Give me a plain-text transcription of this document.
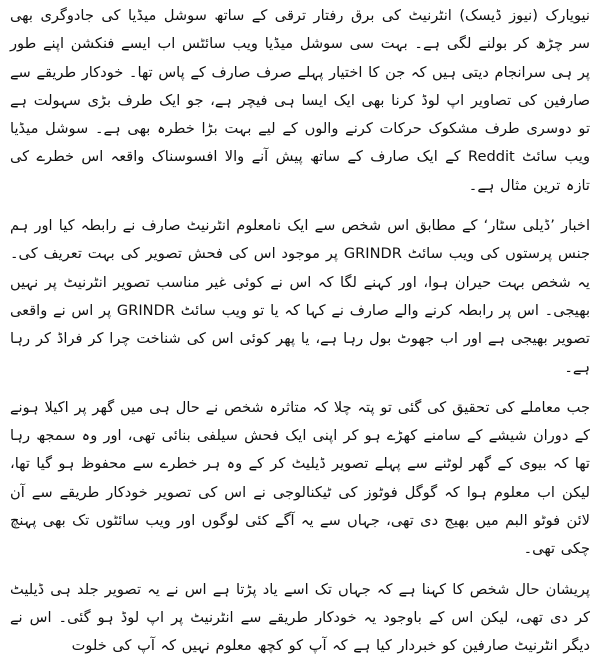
نیویارک (نیوز ڈیسک) انٹرنیٹ کی برق رفتار ترقی کے ساتھ سوشل میڈیا کی جادوگری بھی سر چڑھ کر بولنے لگی ہے۔ بہت سی سوشل میڈیا ویب سائٹس اب ایسے فنکشن اپنے طور پر ہی سرانجام دیتی ہیں کہ جن کا اختیار پہلے صرف صارف کے پاس تھا۔ خودکار طریقے سے صارفین کی تصاویر اپ لوڈ کرنا بھی ایک ایسا ہی فیچر ہے، جو ایک طرف بڑی سہولت ہے تو دوسری طرف مشکوک حرکات کرنے والوں کے لیے بہت بڑا خطرہ بھی ہے۔ سوشل میڈیا ویب سائٹ Reddit کے ایک صارف کے ساتھ پیش آنے والا افسوسناک واقعہ اس خطرے کی تازہ ترین مثال ہے۔

اخبار ’ڈیلی سٹار‘ کے مطابق اس شخص سے ایک نامعلوم انٹرنیٹ صارف نے رابطہ کیا اور ہم جنس پرستوں کی ویب سائٹ GRINDR پر موجود اس کی فحش تصویر کی بہت تعریف کی۔ یہ شخص بہت حیران ہوا، اور کہنے لگا کہ اس نے کوئی غیر مناسب تصویر انٹرنیٹ پر نہیں بھیجی۔ اس پر رابطہ کرنے والے صارف نے کہا کہ یا تو ویب سائٹ GRINDR پر اس نے واقعی تصویر بھیجی ہے اور اب جھوٹ بول رہا ہے، یا پھر کوئی اس کی شناخت چرا کر فراڈ کر رہا ہے۔

جب معاملے کی تحقیق کی گئی تو پتہ چلا کہ متاثرہ شخص نے حال ہی میں گھر پر اکیلا ہونے کے دوران شیشے کے سامنے کھڑے ہو کر اپنی ایک فحش سیلفی بنائی تھی، اور وہ سمجھ رہا تھا کہ بیوی کے گھر لوٹنے سے پہلے تصویر ڈیلیٹ کر کے وہ ہر خطرے سے محفوظ ہو گیا تھا، لیکن اب معلوم ہوا کہ گوگل فوٹوز کی ٹیکنالوجی نے اس کی تصویر خودکار طریقے سے آن لائن فوٹو البم میں بھیج دی تھی، جہاں سے یہ آگے کئی لوگوں اور ویب سائٹوں تک بھی پہنچ چکی تھی۔

پریشان حال شخص کا کہنا ہے کہ جہاں تک اسے یاد پڑتا ہے اس نے یہ تصویر جلد ہی ڈیلیٹ کر دی تھی، لیکن اس کے باوجود یہ خودکار طریقے سے انٹرنیٹ پر اپ لوڈ ہو گئی۔ اس نے دیگر انٹرنیٹ صارفین کو خبردار کیا ہے کہ آپ کو کچھ معلوم نہیں کہ آپ کی خلوت
